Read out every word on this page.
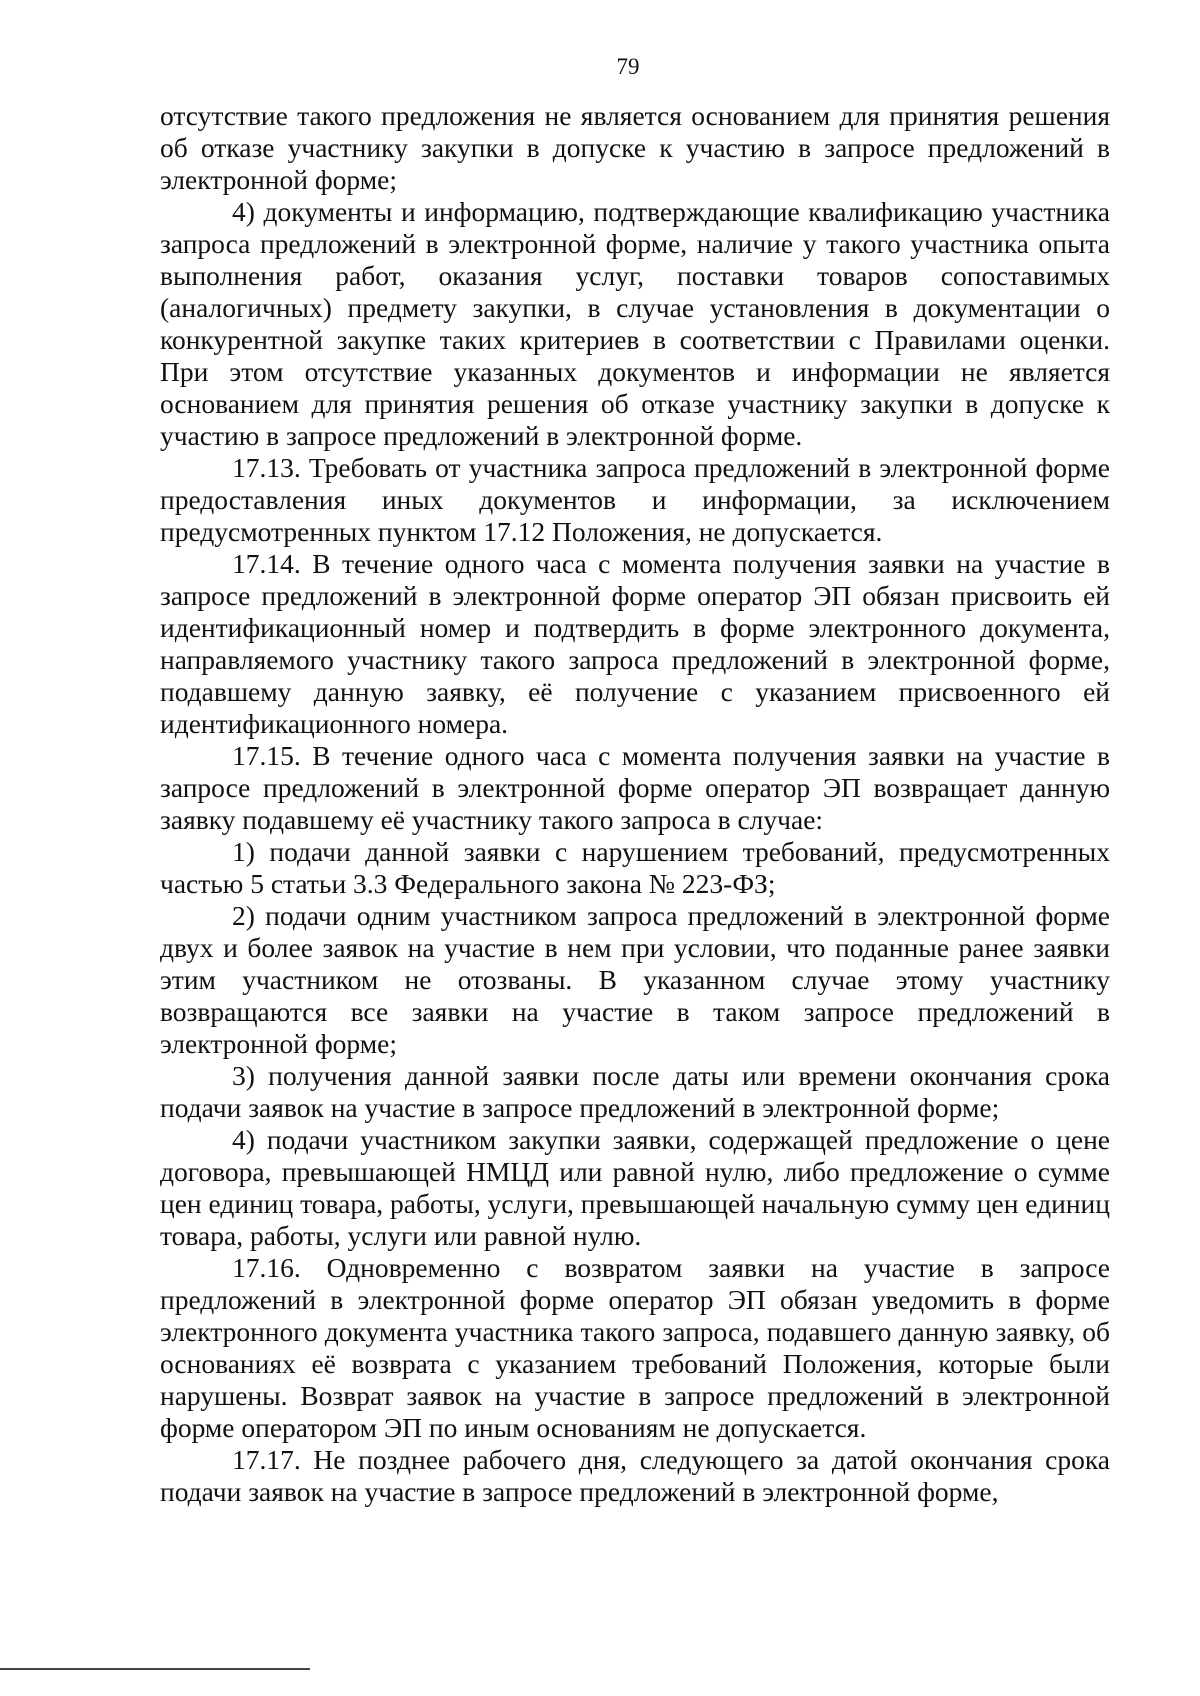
79

отсутствие такого предложения не является основанием для принятия решения об отказе участнику закупки в допуске к участию в запросе предложений в электронной форме;

4) документы и информацию, подтверждающие квалификацию участника запроса предложений в электронной форме, наличие у такого участника опыта выполнения работ, оказания услуг, поставки товаров сопоставимых (аналогичных) предмету закупки, в случае установления в документации о конкурентной закупке таких критериев в соответствии с Правилами оценки. При этом отсутствие указанных документов и информации не является основанием для принятия решения об отказе участнику закупки в допуске к участию в запросе предложений в электронной форме.

17.13. Требовать от участника запроса предложений в электронной форме предоставления иных документов и информации, за исключением предусмотренных пунктом 17.12 Положения, не допускается.

17.14. В течение одного часа с момента получения заявки на участие в запросе предложений в электронной форме оператор ЭП обязан присвоить ей идентификационный номер и подтвердить в форме электронного документа, направляемого участнику такого запроса предложений в электронной форме, подавшему данную заявку, её получение с указанием присвоенного ей идентификационного номера.

17.15. В течение одного часа с момента получения заявки на участие в запросе предложений в электронной форме оператор ЭП возвращает данную заявку подавшему её участнику такого запроса в случае:

1) подачи данной заявки с нарушением требований, предусмотренных частью 5 статьи 3.3 Федерального закона № 223-ФЗ;

2) подачи одним участником запроса предложений в электронной форме двух и более заявок на участие в нем при условии, что поданные ранее заявки этим участником не отозваны. В указанном случае этому участнику возвращаются все заявки на участие в таком запросе предложений в электронной форме;

3) получения данной заявки после даты или времени окончания срока подачи заявок на участие в запросе предложений в электронной форме;

4) подачи участником закупки заявки, содержащей предложение о цене договора, превышающей НМЦД или равной нулю, либо предложение о сумме цен единиц товара, работы, услуги, превышающей начальную сумму цен единиц товара, работы, услуги или равной нулю.

17.16. Одновременно с возвратом заявки на участие в запросе предложений в электронной форме оператор ЭП обязан уведомить в форме электронного документа участника такого запроса, подавшего данную заявку, об основаниях её возврата с указанием требований Положения, которые были нарушены. Возврат заявок на участие в запросе предложений в электронной форме оператором ЭП по иным основаниям не допускается.

17.17. Не позднее рабочего дня, следующего за датой окончания срока подачи заявок на участие в запросе предложений в электронной форме,
